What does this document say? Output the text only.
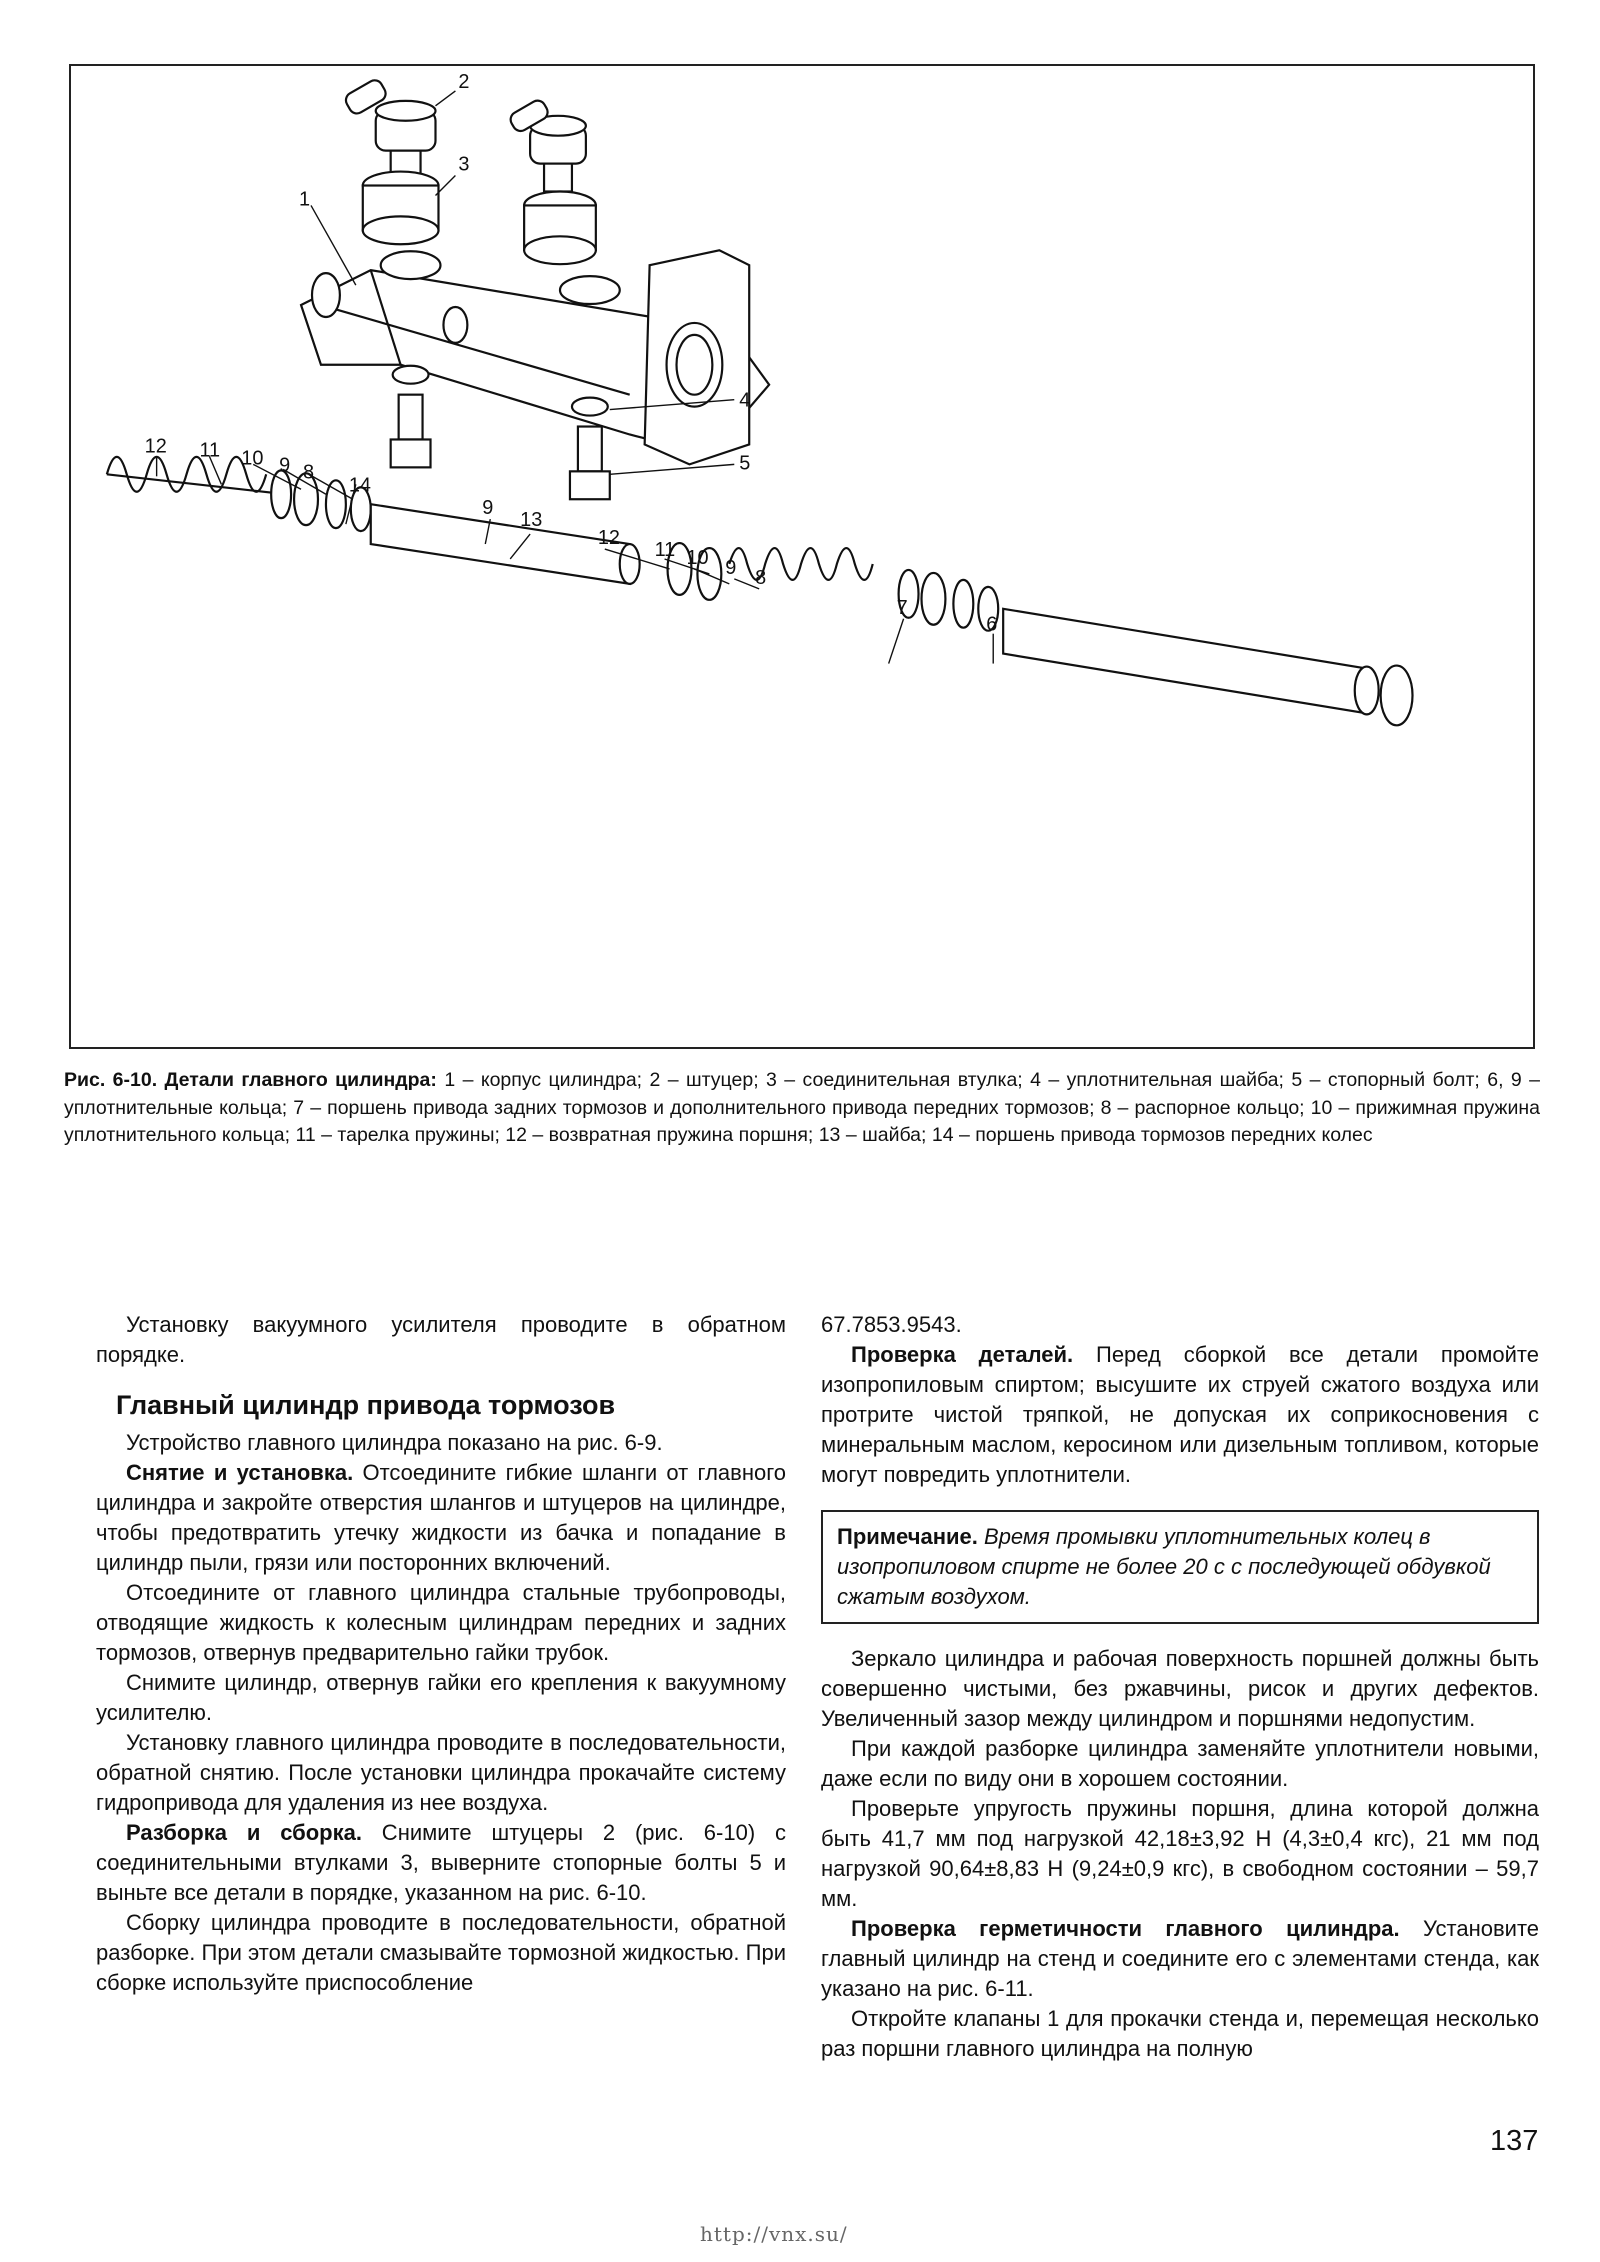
2
3
1
4
5
12 11 10 9 8
14
9
13
12
11 10 9 8
7
6
Рис. 6-10. Детали главного цилиндра: 1 – корпус цилиндра; 2 – штуцер; 3 – соединительная втулка; 4 – уплотнительная шайба; 5 – стопорный болт; 6, 9 – уплотнительные кольца; 7 – поршень привода задних тормозов и дополнительного привода передних тормозов; 8 – распорное кольцо; 10 – прижимная пружина уплотнительного кольца; 11 – тарелка пружины; 12 – возвратная пружина поршня; 13 – шайба; 14 – поршень привода тормозов передних колес

Установку вакуумного усилителя проводите в обратном порядке.

Главный цилиндр привода тормозов

Устройство главного цилиндра показано на рис. 6-9.

Снятие и установка. Отсоедините гибкие шланги от главного цилиндра и закройте отверстия шлангов и штуцеров на цилиндре, чтобы предотвратить утечку жидкости из бачка и попадание в цилиндр пыли, грязи или посторонних включений.

Отсоедините от главного цилиндра стальные трубопроводы, отводящие жидкость к колесным цилиндрам передних и задних тормозов, отвернув предварительно гайки трубок.

Снимите цилиндр, отвернув гайки его крепления к вакуумному усилителю.

Установку главного цилиндра проводите в последовательности, обратной снятию. После установки цилиндра прокачайте систему гидропривода для удаления из нее воздуха.

Разборка и сборка. Снимите штуцеры 2 (рис. 6-10) с соединительными втулками 3, выверните стопорные болты 5 и выньте все детали в порядке, указанном на рис. 6-10.

Сборку цилиндра проводите в последовательности, обратной разборке. При этом детали смазывайте тормозной жидкостью. При сборке используйте приспособление

67.7853.9543.

Проверка деталей. Перед сборкой все детали промойте изопропиловым спиртом; высушите их струей сжатого воздуха или протрите чистой тряпкой, не допуская их соприкосновения с минеральным маслом, керосином или дизельным топливом, которые могут повредить уплотнители.

Примечание. Время промывки уплотнительных колец в изопропиловом спирте не более 20 с с последующей обдувкой сжатым воздухом.

Зеркало цилиндра и рабочая поверхность поршней должны быть совершенно чистыми, без ржавчины, рисок и других дефектов. Увеличенный зазор между цилиндром и поршнями недопустим.

При каждой разборке цилиндра заменяйте уплотнители новыми, даже если по виду они в хорошем состоянии.

Проверьте упругость пружины поршня, длина которой должна быть 41,7 мм под нагрузкой 42,18±3,92 Н (4,3±0,4 кгс), 21 мм под нагрузкой 90,64±8,83 Н (9,24±0,9 кгс), в свободном состоянии – 59,7 мм.

Проверка герметичности главного цилиндра. Установите главный цилиндр на стенд и соедините его с элементами стенда, как указано на рис. 6-11.

Откройте клапаны 1 для прокачки стенда и, перемещая несколько раз поршни главного цилиндра на полную

137
http://vnx.su/
